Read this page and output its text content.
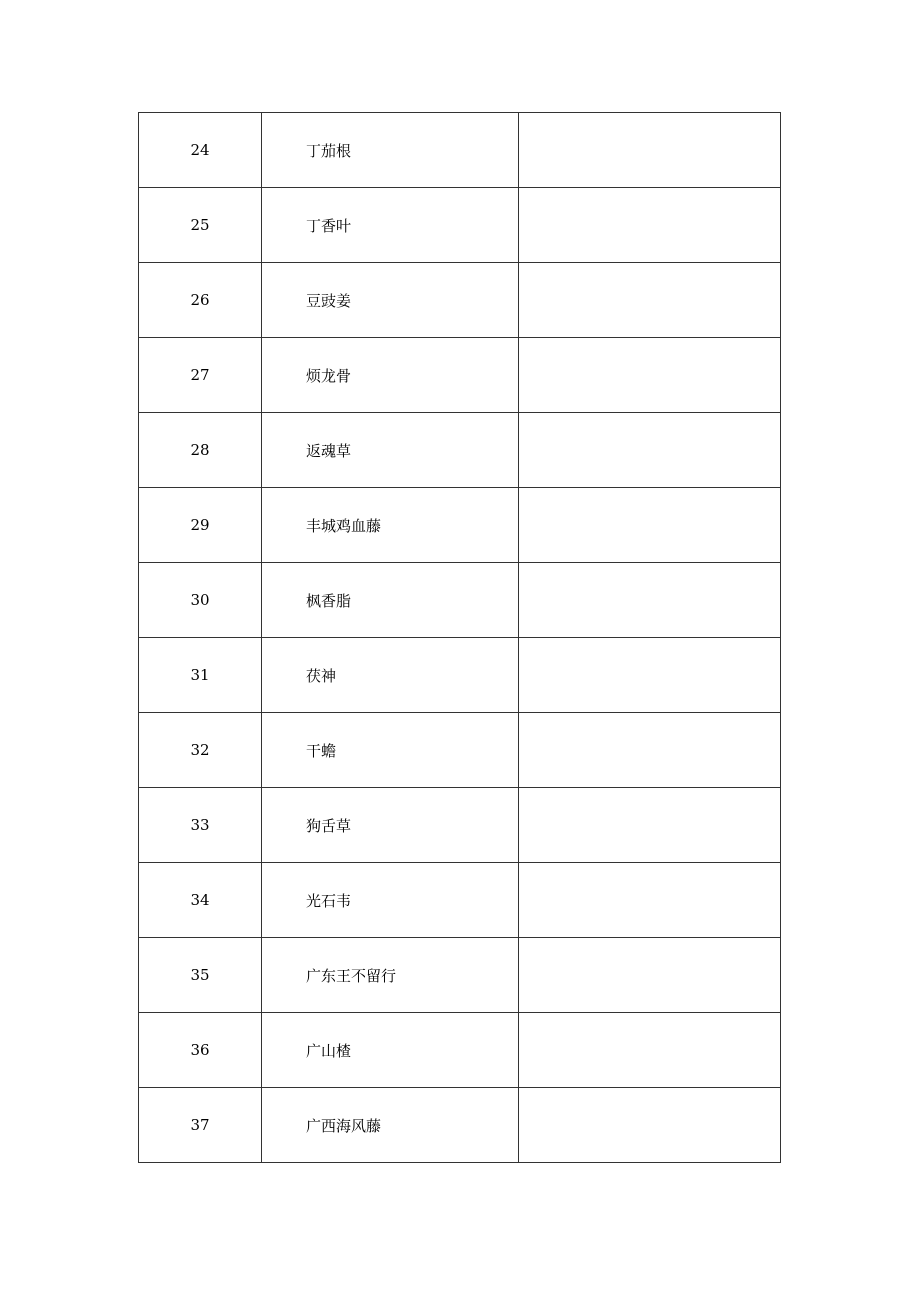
24	丁茄根	
25	丁香叶	
26	豆豉姜	
27	烦龙骨	
28	返魂草	
29	丰城鸡血藤	
30	枫香脂	
31	茯神	
32	干蟾	
33	狗舌草	
34	光石韦	
35	广东王不留行	
36	广山楂	
37	广西海风藤	
